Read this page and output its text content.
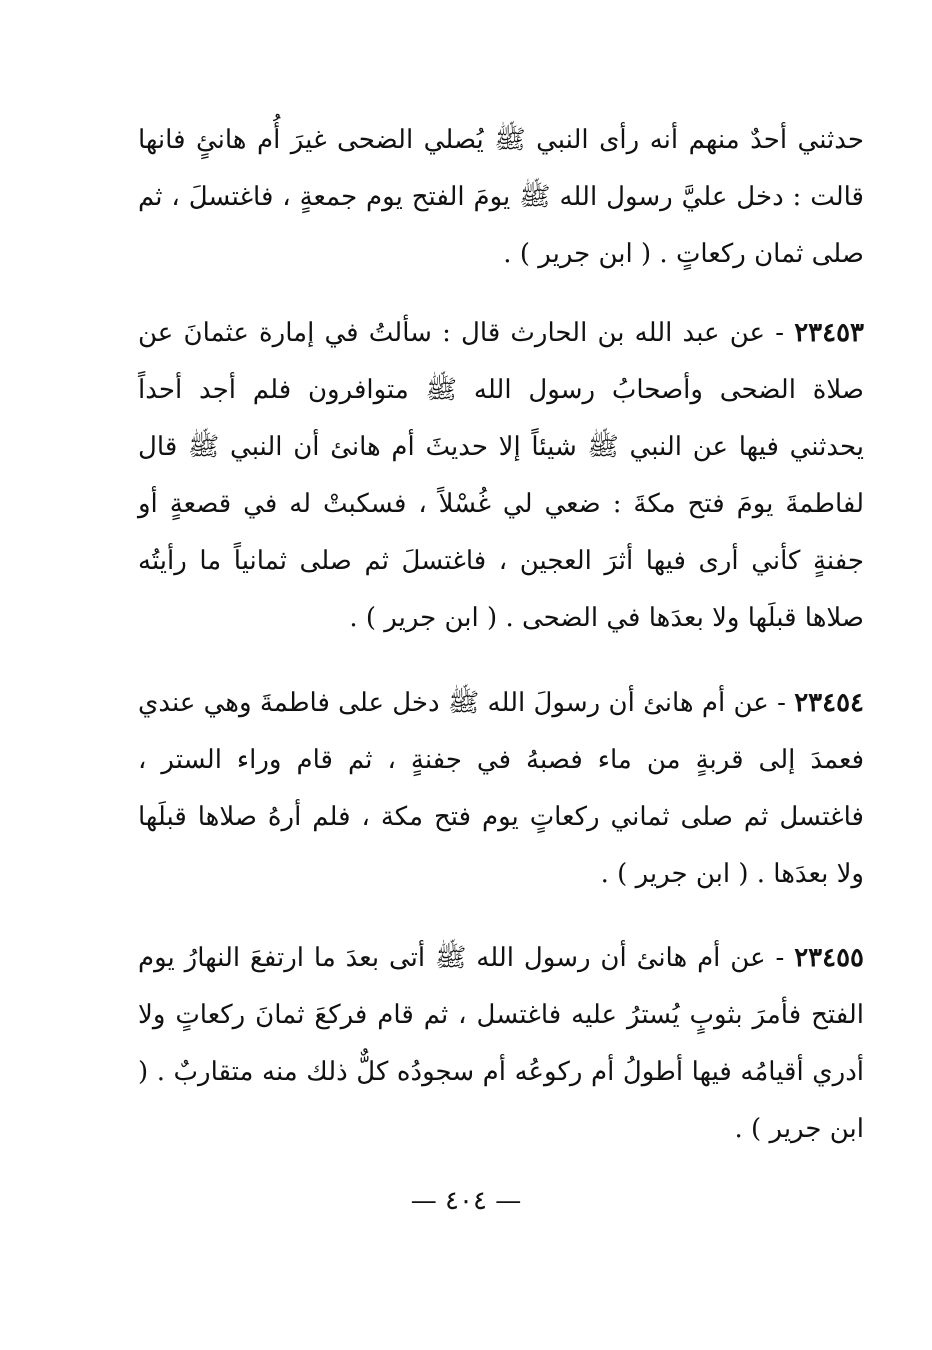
حدثني أحدٌ منهم أنه رأى النبي ﷺ يُصلي الضحى غيرَ أُم هانئٍ فانها قالت : دخل عليَّ رسول الله ﷺ يومَ الفتح يوم جمعةٍ ، فاغتسلَ ، ثم صلى ثمان ركعاتٍ . ( ابن جرير ) .
٢٣٤٥٣ - عن عبد الله بن الحارث قال : سألتُ في إمارة عثمانَ عن صلاة الضحى وأصحابُ رسول الله ﷺ متوافرون فلم أجد أحداً يحدثني فيها عن النبي ﷺ شيئاً إلا حديثَ أم هانئ أن النبي ﷺ قال لفاطمةَ يومَ فتح مكةَ : ضعي لي غُسْلاً ، فسكبتْ له في قصعةٍ أو جفنةٍ كأني أرى فيها أثرَ العجين ، فاغتسلَ ثم صلى ثمانياً ما رأيتُه صلاها قبلَها ولا بعدَها في الضحى . ( ابن جرير ) .
٢٣٤٥٤ - عن أم هانئ أن رسولَ الله ﷺ دخل على فاطمةَ وهي عندي فعمدَ إلى قربةٍ من ماء فصبهُ في جفنةٍ ، ثم قام وراء الستر ، فاغتسل ثم صلى ثماني ركعاتٍ يوم فتح مكة ، فلم أرهُ صلاها قبلَها ولا بعدَها . ( ابن جرير ) .
٢٣٤٥٥ - عن أم هانئ أن رسول الله ﷺ أتى بعدَ ما ارتفعَ النهارُ يوم الفتح فأمرَ بثوبٍ يُسترُ عليه فاغتسل ، ثم قام فركعَ ثمانَ ركعاتٍ ولا أدري أقيامُه فيها أطولُ أم ركوعُه أم سجودُه كلٌّ ذلك منه متقاربٌ . ( ابن جرير ) .
— ٤٠٤ —
